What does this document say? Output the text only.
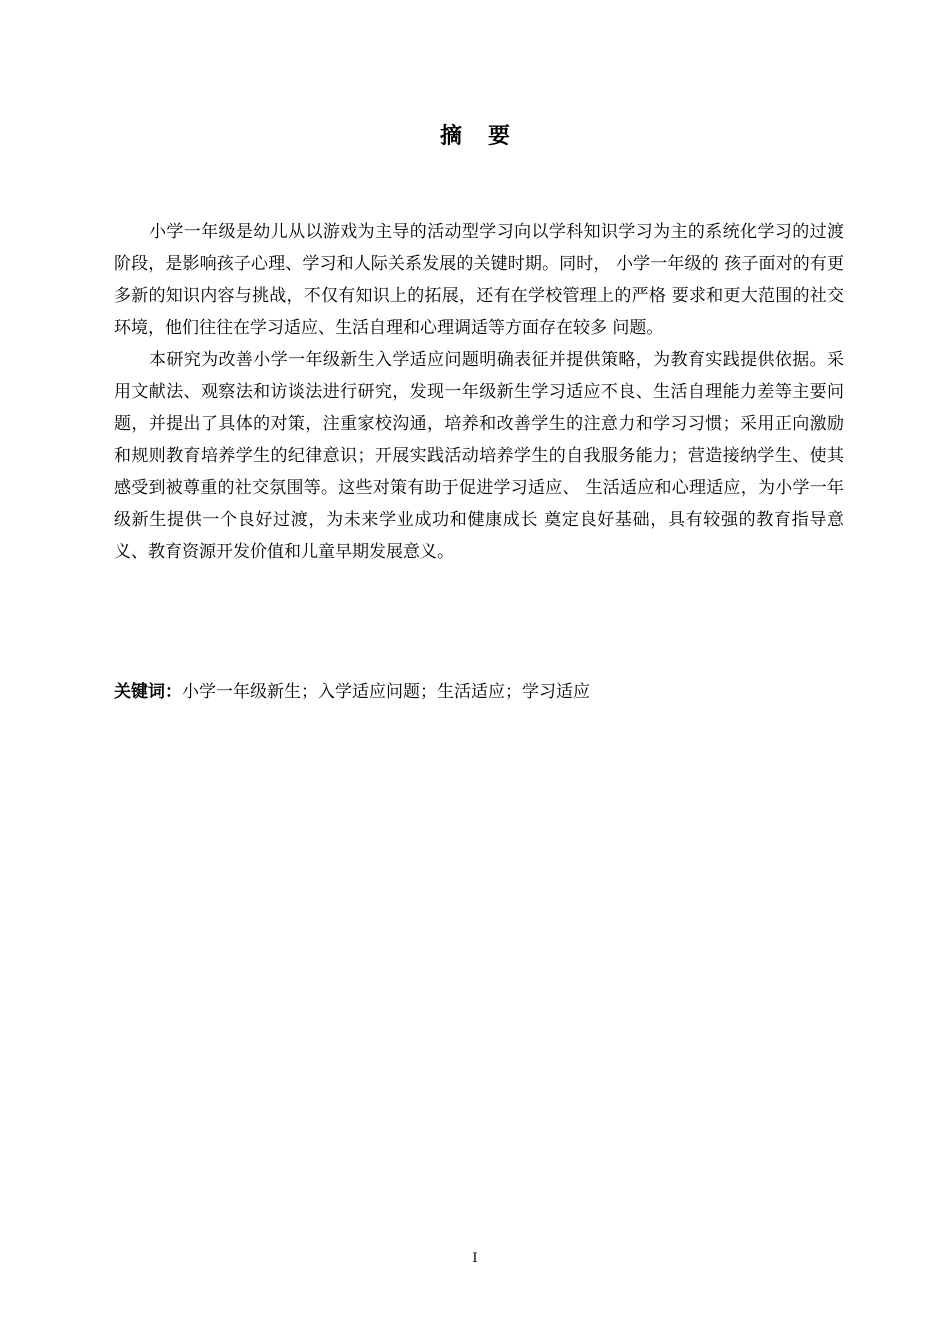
摘 要

小学一年级是幼儿从以游戏为主导的活动型学习向以学科知识学习为主的系统化学习的过渡阶段，是影响孩子心理、学习和人际关系发展的关键时期。同时， 小学一年级的 孩子面对的有更多新的知识内容与挑战，不仅有知识上的拓展，还有在学校管理上的严格 要求和更大范围的社交环境，他们往往在学习适应、生活自理和心理调适等方面存在较多 问题。

本研究为改善小学一年级新生入学适应问题明确表征并提供策略，为教育实践提供依据。采用文献法、观察法和访谈法进行研究，发现一年级新生学习适应不良、生活自理能力差等主要问题，并提出了具体的对策，注重家校沟通，培养和改善学生的注意力和学习习惯；采用正向激励和规则教育培养学生的纪律意识；开展实践活动培养学生的自我服务能力；营造接纳学生、使其感受到被尊重的社交氛围等。这些对策有助于促进学习适应、 生活适应和心理适应，为小学一年级新生提供一个良好过渡，为未来学业成功和健康成长 奠定良好基础，具有较强的教育指导意义、教育资源开发价值和儿童早期发展意义。

关键词：小学一年级新生；入学适应问题；生活适应；学习适应
I
